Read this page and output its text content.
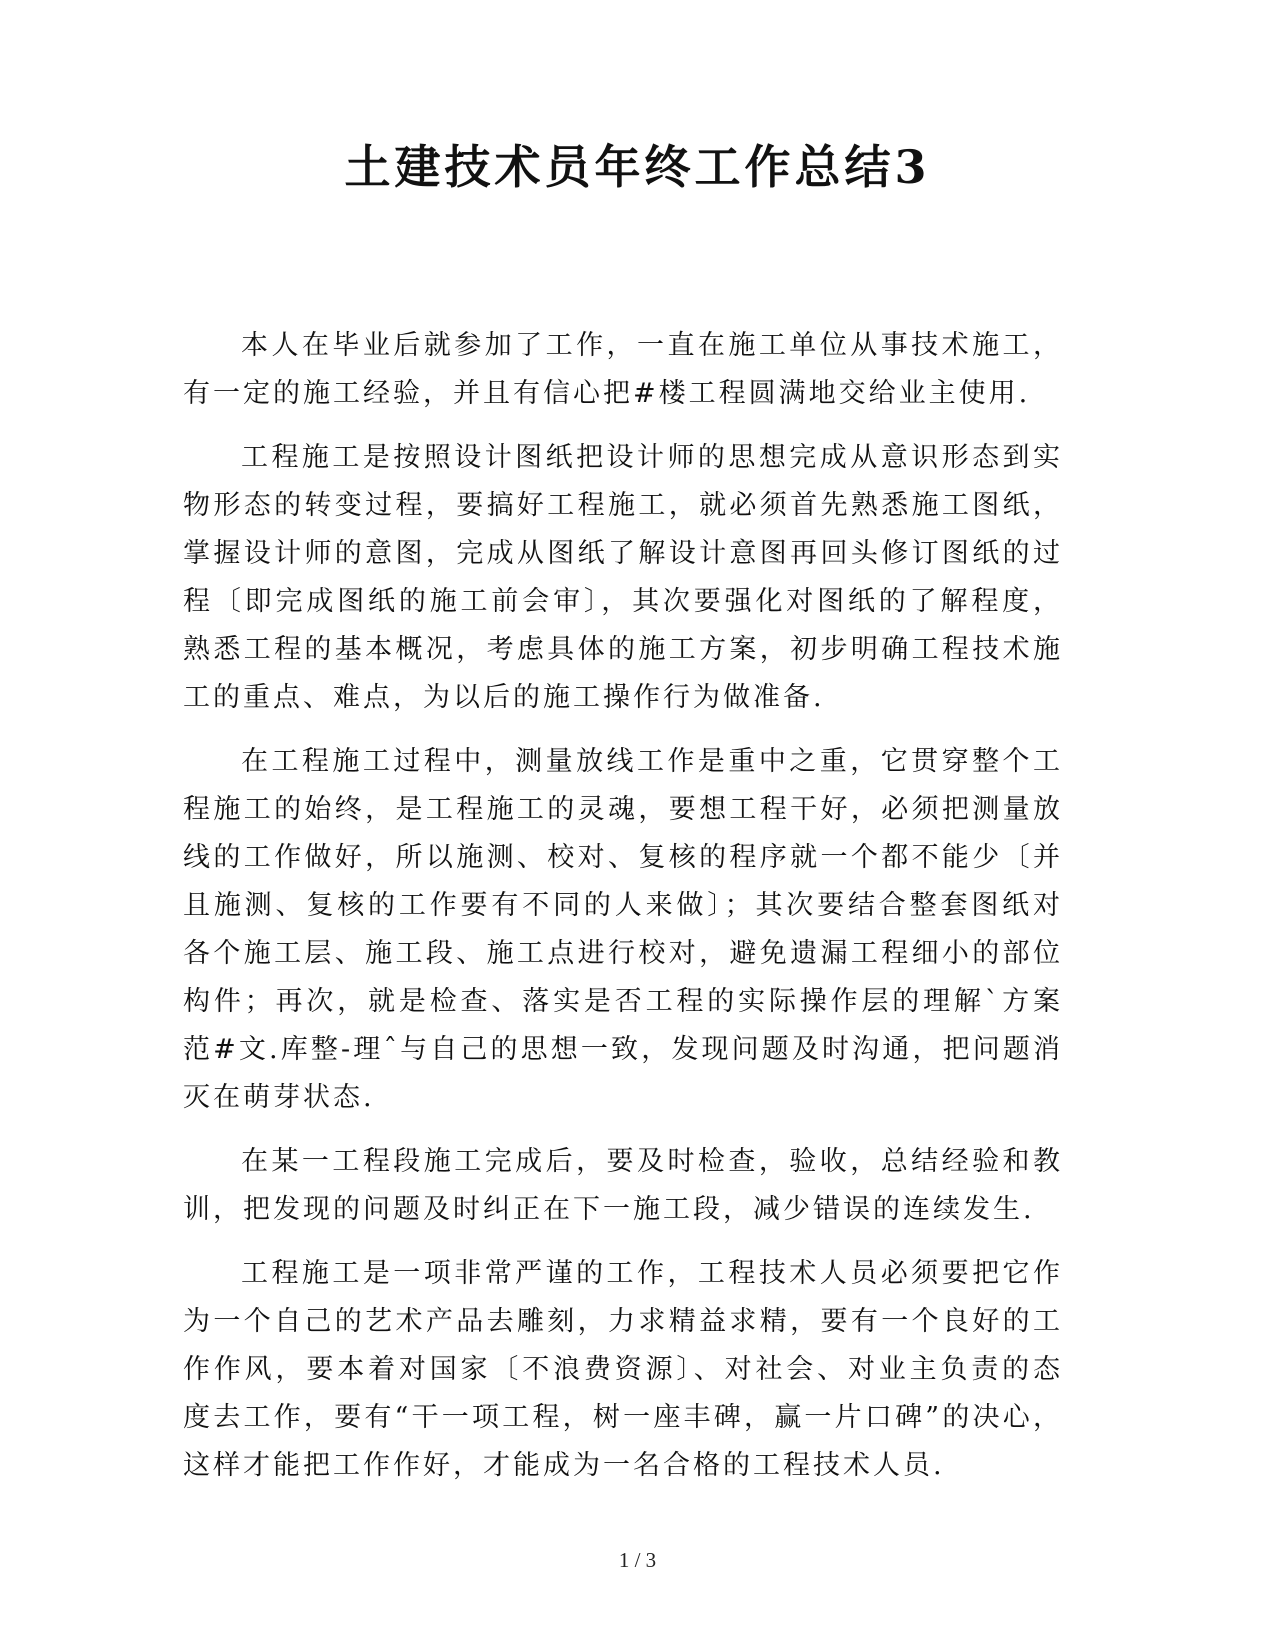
土建技术员年终工作总结3

本人在毕业后就参加了工作，一直在施工单位从事技术施工，有一定的施工经验，并且有信心把#楼工程圆满地交给业主使用.

工程施工是按照设计图纸把设计师的思想完成从意识形态到实物形态的转变过程，要搞好工程施工，就必须首先熟悉施工图纸，掌握设计师的意图，完成从图纸了解设计意图再回头修订图纸的过程〔即完成图纸的施工前会审〕，其次要强化对图纸的了解程度，熟悉工程的基本概况，考虑具体的施工方案，初步明确工程技术施工的重点、难点，为以后的施工操作行为做准备.

在工程施工过程中，测量放线工作是重中之重，它贯穿整个工程施工的始终，是工程施工的灵魂，要想工程干好，必须把测量放线的工作做好，所以施测、校对、复核的程序就一个都不能少〔并且施测、复核的工作要有不同的人来做〕；其次要结合整套图纸对各个施工层、施工段、施工点进行校对，避免遗漏工程细小的部位构件；再次，就是检查、落实是否工程的实际操作层的理解`方案范#文.库整-理ˆ与自己的思想一致，发现问题及时沟通，把问题消灭在萌芽状态.

在某一工程段施工完成后，要及时检查，验收，总结经验和教训，把发现的问题及时纠正在下一施工段，减少错误的连续发生.

工程施工是一项非常严谨的工作，工程技术人员必须要把它作为一个自己的艺术产品去雕刻，力求精益求精，要有一个良好的工作作风，要本着对国家〔不浪费资源〕、对社会、对业主负责的态度去工作，要有“干一项工程，树一座丰碑，赢一片口碑”的决心，这样才能把工作作好，才能成为一名合格的工程技术人员.

1 / 3
